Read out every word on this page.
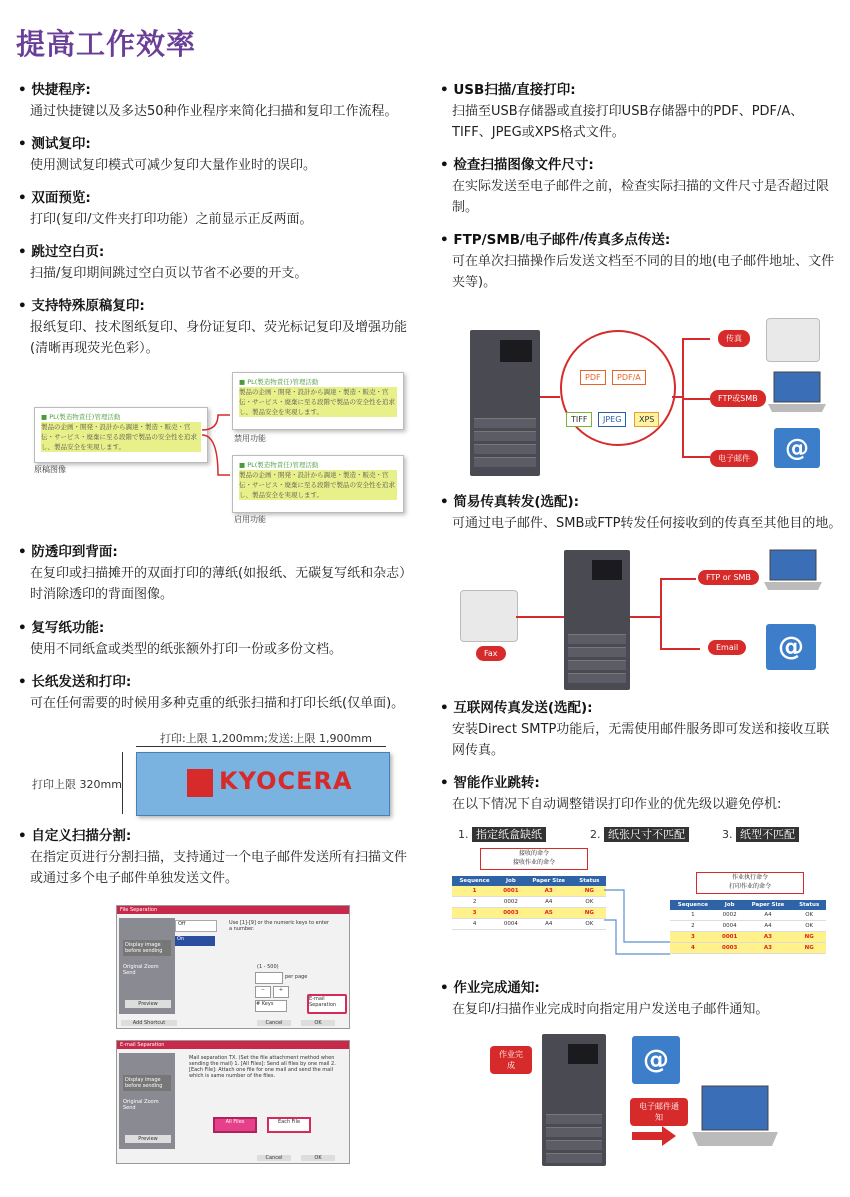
提高工作效率
• 快捷程序:
通过快捷键以及多达50种作业程序来简化扫描和复印工作流程。
• 测试复印:
使用测试复印模式可减少复印大量作业时的误印。
• 双面预览:
打印(复印/文件夹打印功能）之前显示正反两面。
• 跳过空白页:
扫描/复印期间跳过空白页以节省不必要的开支。
• 支持特殊原稿复印:
报纸复印、技术图纸复印、身份证复印、荧光标记复印及增强功能(清晰再现荧光色彩）。
■ PL(製造物責任)管理活動
製品の企画・開発・設計から調達・製造・販売・官伝・サービス・廃棄に至る段階で製品の安全性を追求し、製品安全を実現します。
原稿图像
■ PL(製造物責任)管理活動
製品の企画・開発・設計から調達・製造・販売・官伝・サービス・廃棄に至る段階で製品の安全性を追求し、製品安全を実現します。
禁用功能
■ PL(製造物責任)管理活動
製品の企画・開発・設計から調達・製造・販売・官伝・サービス・廃棄に至る段階で製品の安全性を追求し、製品安全を実現します。
启用功能
• 防透印到背面:
在复印或扫描摊开的双面打印的薄纸(如报纸、无碳复写纸和杂志）时消除透印的背面图像。
• 复写纸功能:
使用不同纸盒或类型的纸张额外打印一份或多份文档。
• 长纸发送和打印:
可在任何需要的时候用多种克重的纸张扫描和打印长纸(仅单面)。
打印:上限 1,200mm;发送:上限 1,900mm
打印上限 320mm	KYOCERA
• 自定义扫描分割:
在指定页进行分割扫描，支持通过一个电子邮件发送所有扫描文件或通过多个电子邮件单独发送文件。
File Separation
Display image before sending
Original Zoom Send
Preview
Off
On
Use [1]-[9] or the numeric keys to enter a number.
(1 - 500)
per page
−	+
# Keys
E-mail Separation
Add Shortcut	Cancel	OK
E-mail Separation
Display image before sending
Original Zoom Send
Preview
Mail separation TX. (Set the file attachment method when sending the mail) 1. [All Files]: Send all files by one mail 2. [Each File]: Attach one file for one mail and send the mail which is same number of the files.
All Files	Each File
Cancel	OK
• USB扫描/直接打印:
扫描至USB存储器或直接打印USB存储器中的PDF、PDF/A、TIFF、JPEG或XPS格式文件。
• 检查扫描图像文件尺寸:
在实际发送至电子邮件之前，检查实际扫描的文件尺寸是否超过限制。
• FTP/SMB/电子邮件/传真多点传送:
可在单次扫描操作后发送文档至不同的目的地(电子邮件地址、文件夹等)。
PDF	PDF/A
TIFF	JPEG	XPS
传真
FTP或SMB
电子邮件	@
• 简易传真转发(选配):
可通过电子邮件、SMB或FTP转发任何接收到的传真至其他目的地。
Fax
FTP or SMB
Email	@
• 互联网传真发送(选配):
安装Direct SMTP功能后，无需使用邮件服务即可发送和接收互联网传真。
• 智能作业跳转:
在以下情况下自动调整错误打印作业的优先级以避免停机:
1. 指定纸盒缺纸	2. 纸张尺寸不匹配	3. 纸型不匹配
接收的命令
接收作业的命令
Sequence	Job	Paper Size	Status
1	0001	A3	NG
2	0002	A4	OK
3	0003	A5	NG
4	0004	A4	OK
作业执行命令
打印作业的命令
Sequence	Job	Paper Size	Status
1	0002	A4	OK
2	0004	A4	OK
3	0001	A3	NG
4	0003	A3	NG
• 作业完成通知:
在复印/扫描作业完成时向指定用户发送电子邮件通知。
作业完成	@
电子邮件通知
